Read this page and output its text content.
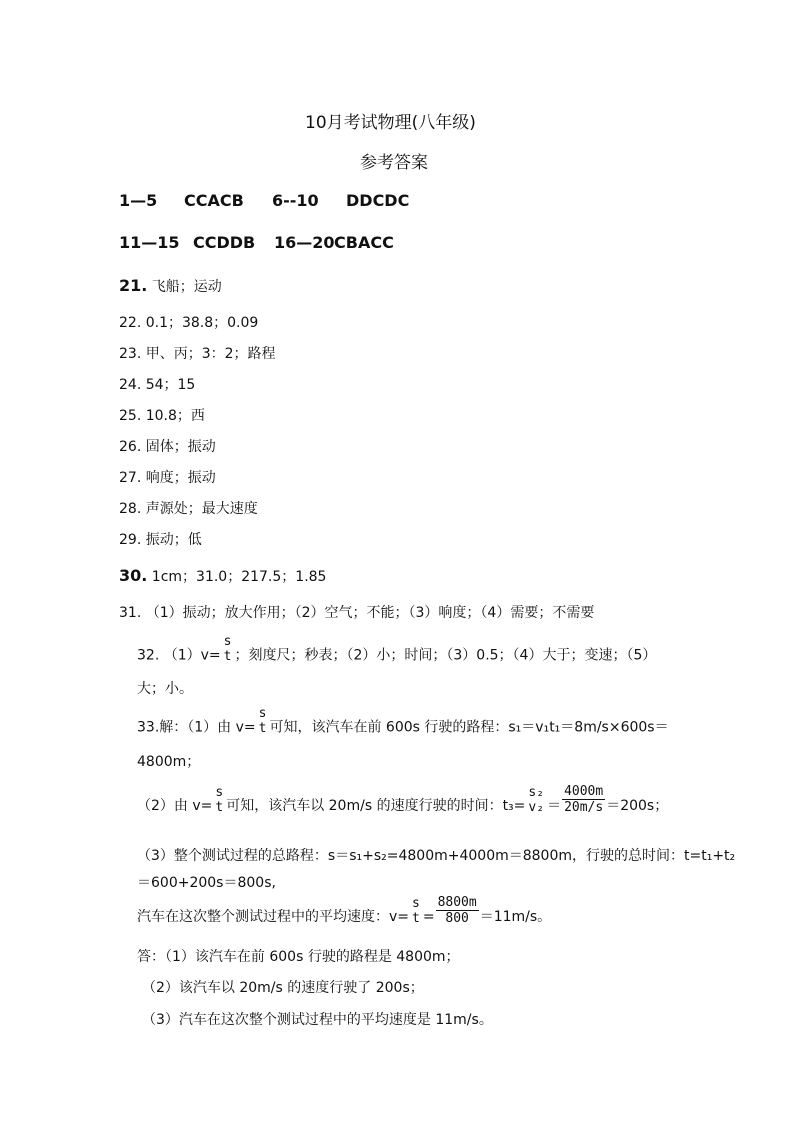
10月考试物理(八年级)
参考答案
1—5 CCACB 6--10 DDCDC
11—15 CCDDB 16—20 CBACC
21. 飞船；运动
22. 0.1；38.8；0.09
23. 甲、丙；3：2；路程
24. 54；15
25. 10.8；西
26. 固体；振动
27. 响度；振动
28. 声源处；最大速度
29. 振动；低
30. 1cm；31.0；217.5；1.85
31. （1）振动；放大作用；（2）空气；不能；（3）响度；（4）需要；不需要
32. （1）v=
s
t ；刻度尺；秒表；（2）小；时间；（3）0.5；（4）大于；变速；（5）
大；小。
33.解：（1）由 v=
s
t 可知，该汽车在前 600s 行驶的路程：s₁＝v₁t₁＝8m/s×600s＝
4800m；
（2）由 v=
s
t 可知，该汽车以 20m/s 的速度行驶的时间：t₃=
s₂
$v_2 = \frac{4000m}{20m/s} =200s$；
（3）整个测试过程的总路程：s＝s₁+s₂=4800m+4000m＝8800m，行驶的总时间：t=t₁+t₂
＝600+200s＝800s,
汽车在这次整个测试过程中的平均速度：v=
s
$t = \frac{8800m}{800} =11m/s$。
答：（1）该汽车在前 600s 行驶的路程是 4800m；
（2）该汽车以 20m/s 的速度行驶了 200s；
（3）汽车在这次整个测试过程中的平均速度是 11m/s。
